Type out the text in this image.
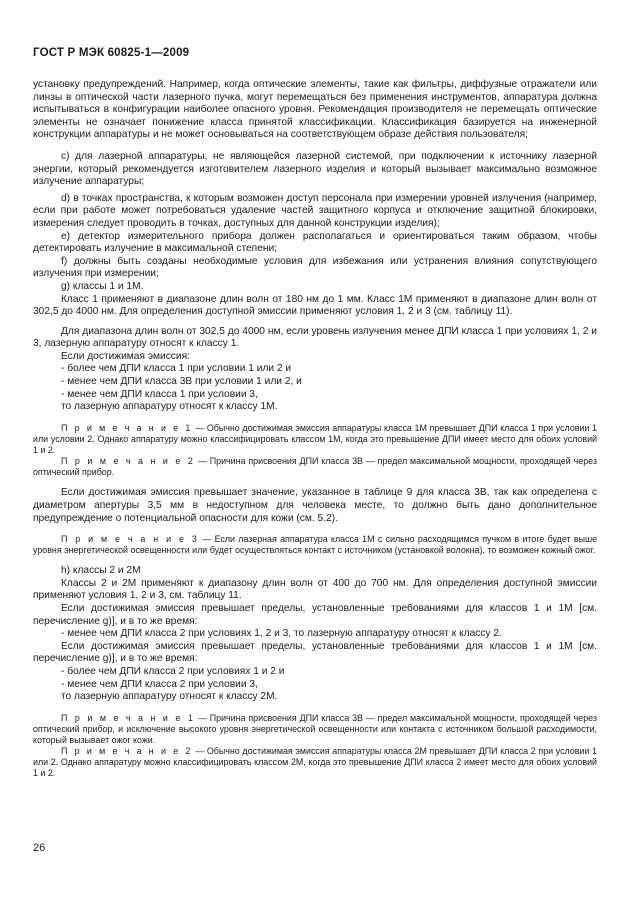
ГОСТ Р МЭК 60825-1—2009

установку предупреждений. Например, когда оптические элементы, такие как фильтры, диффузные отражатели или линзы в оптической части лазерного пучка, могут перемещаться без применения инструментов, аппаратура должна испытываться в конфигурации наиболее опасного уровня. Рекомендация производителя не перемещать оптические элементы не означает понижение класса принятой классификации. Классификация базируется на инженерной конструкции аппаратуры и не может основываться на соответствующем образе действия пользователя;

c) для лазерной аппаратуры, не являющейся лазерной системой, при подключении к источнику лазерной энергии, который рекомендуется изготовителем лазерного изделия и который вызывает максимально возможное излучение аппаратуры;

d) в точках пространства, к которым возможен доступ персонала при измерении уровней излучения (например, если при работе может потребоваться удаление частей защитного корпуса и отключение защитной блокировки, измерения следует проводить в точках, доступных для данной конструкции изделия);

e) детектор измерительного прибора должен располагаться и ориентироваться таким образом, чтобы детектировать излучение в максимальной степени;

f) должны быть созданы необходимые условия для избежания или устранения влияния сопутствующего излучения при измерении;

g) классы 1 и 1М.

Класс 1 применяют в диапазоне длин волн от 180 нм до 1 мм. Класс 1М применяют в диапазоне длин волн от 302,5 до 4000 нм. Для определения доступной эмиссии применяют условия 1, 2 и 3 (см. таблицу 11).

Для диапазона длин волн от 302,5 до 4000 нм, если уровень излучения менее ДПИ класса 1 при условиях 1, 2 и 3, лазерную аппаратуру относят к классу 1.

Если достижимая эмиссия:

- более чем ДПИ класса 1 при условии 1 или 2 и

- менее чем ДПИ класса 3В при условии 1 или 2, и

- менее чем ДПИ класса 1 при условии 3,

то лазерную аппаратуру относят к классу 1М.

П р и м е ч а н и е 1 — Обычно достижимая эмиссия аппаратуры класса 1М превышает ДПИ класса 1 при условии 1 или условии 2. Однако аппаратуру можно классифицировать классом 1М, когда это превышение ДПИ имеет место для обоих условий 1 и 2.

П р и м е ч а н и е 2 — Причина присвоения ДПИ класса 3В — предел максимальной мощности, проходящей через оптический прибор.

Если достижимая эмиссия превышает значение, указанное в таблице 9 для класса 3В, так как определена с диаметром апертуры 3,5 мм в недоступном для человека месте, то должно быть дано дополнительное предупреждение о потенциальной опасности для кожи (см. 5.2).

П р и м е ч а н и е 3 — Если лазерная аппаратура класса 1М с сильно расходящимся пучком в итоге будет выше уровня энергетической освещенности или будет осуществляться контакт с источником (установкой волокна), то возможен кожный ожог.

h) классы 2 и 2М

Классы 2 и 2М применяют к диапазону длин волн от 400 до 700 нм. Для определения доступной эмиссии применяют условия 1, 2 и 3, см. таблицу 11.

Если достижимая эмиссия превышает пределы, установленные требованиями для классов 1 и 1М [см. перечисление g)], и в то же время:

- менее чем ДПИ класса 2 при условиях 1, 2 и 3, то лазерную аппаратуру относят к классу 2.

Если достижимая эмиссия превышает пределы, установленные требованиями для классов 1 и 1М [см. перечисление g)], и в то же время:

- более чем ДПИ класса 2 при условиях 1 и 2 и

- менее чем ДПИ класса 2 при условии 3,

то лазерную аппаратуру относят к классу 2М.

П р и м е ч а н и е 1 — Причина присвоения ДПИ класса 3В — предел максимальной мощности, проходящей через оптический прибор, и исключение высокого уровня энергетической освещенности или контакта с источником большой расходимости, который вызывает ожог кожи.

П р и м е ч а н и е 2 — Обычно достижимая эмиссия аппаратуры класса 2М превышает ДПИ класса 2 при условии 1 или 2. Однако аппаратуру можно классифицировать классом 2М, когда это превышение ДПИ класса 2 имеет место для обоих условий 1 и 2.

26
